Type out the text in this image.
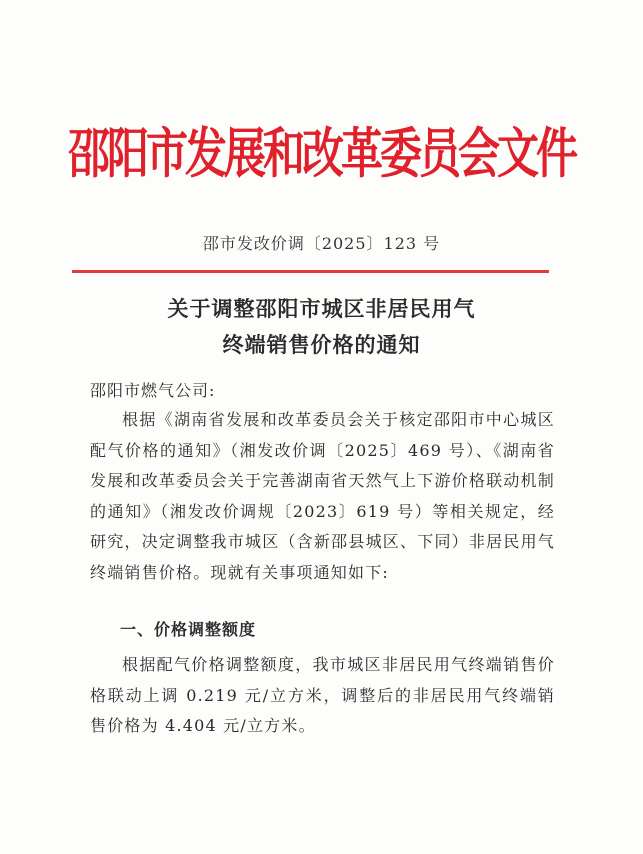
邵阳市发展和改革委员会文件
邵市发改价调〔2025〕123 号
关于调整邵阳市城区非居民用气
终端销售价格的通知
邵阳市燃气公司:
根据《湖南省发展和改革委员会关于核定邵阳市中心城区配气价格的通知》（湘发改价调〔2025〕469 号）、《湖南省发展和改革委员会关于完善湖南省天然气上下游价格联动机制的通知》（湘发改价调规〔2023〕619 号）等相关规定，经研究，决定调整我市城区（含新邵县城区、下同）非居民用气终端销售价格。现就有关事项通知如下:
一、价格调整额度
根据配气价格调整额度，我市城区非居民用气终端销售价格联动上调 0.219 元/立方米，调整后的非居民用气终端销售价格为 4.404 元/立方米。
